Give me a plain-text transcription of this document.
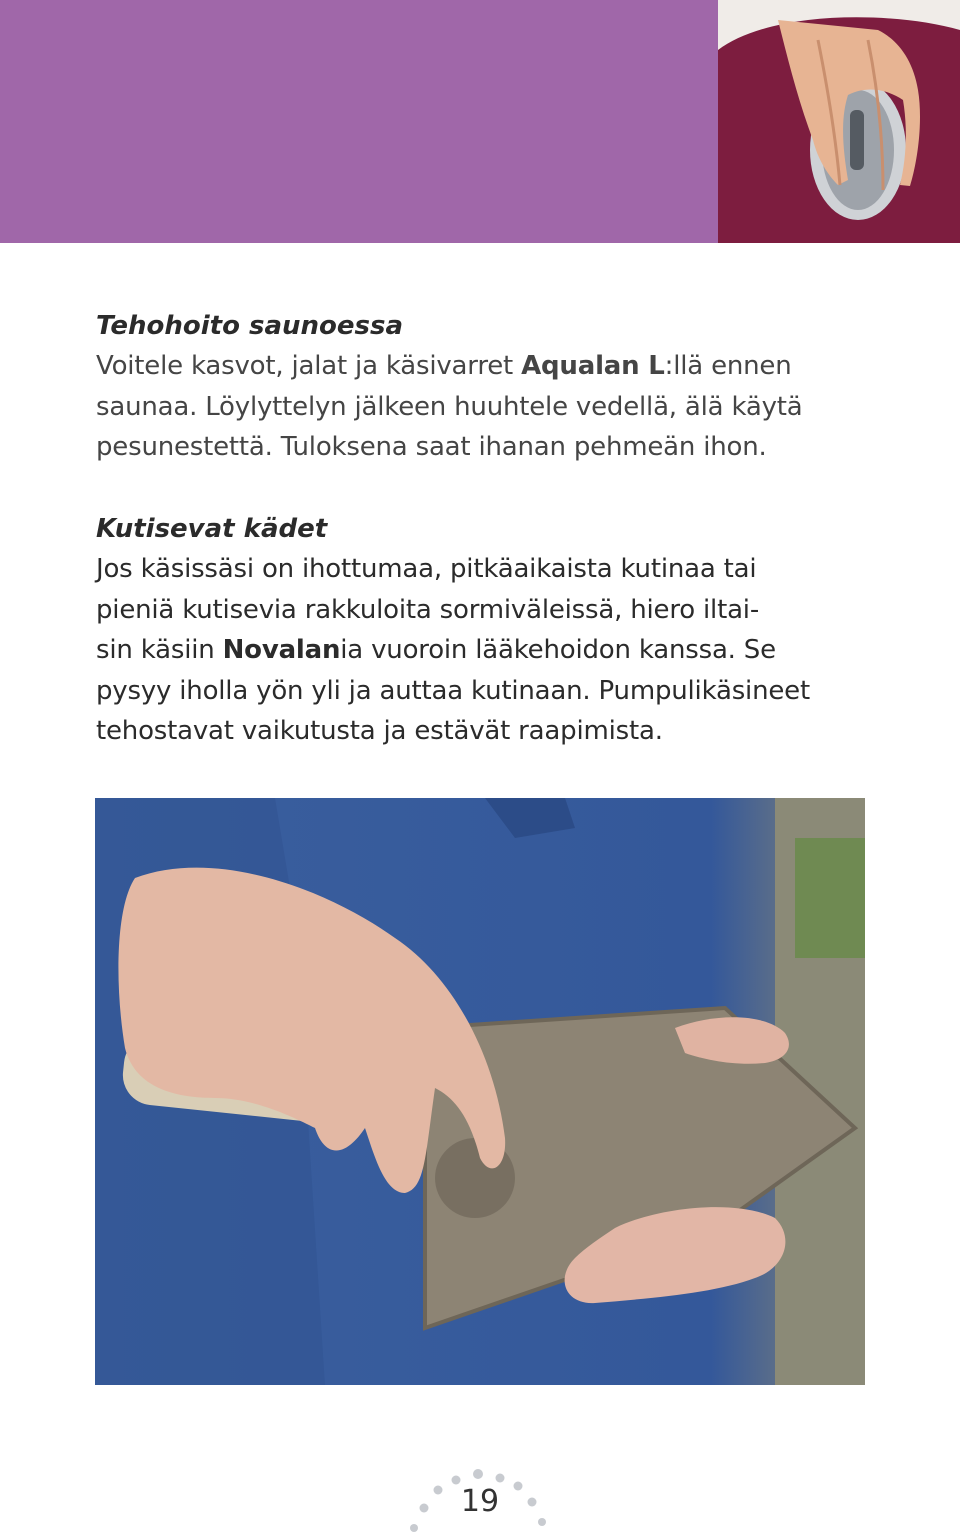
Tehohoito saunoessa

Voitele kasvot, jalat ja käsivarret Aqualan L:llä ennen

saunaa. Löylyttelyn jälkeen huuhtele vedellä, älä käytä

pesunestettä. Tuloksena saat ihanan pehmeän ihon.

Kutisevat kädet

Jos käsissäsi on ihottumaa, pitkäaikaista kutinaa tai

pieniä kutisevia rakkuloita sormiväleissä, hiero iltai-

sin käsiin Novalania vuoroin lääkehoidon kanssa. Se

pysyy iholla yön yli ja auttaa kutinaan. Pumpulikäsineet

tehostavat vaikutusta ja estävät raapimista.

19
